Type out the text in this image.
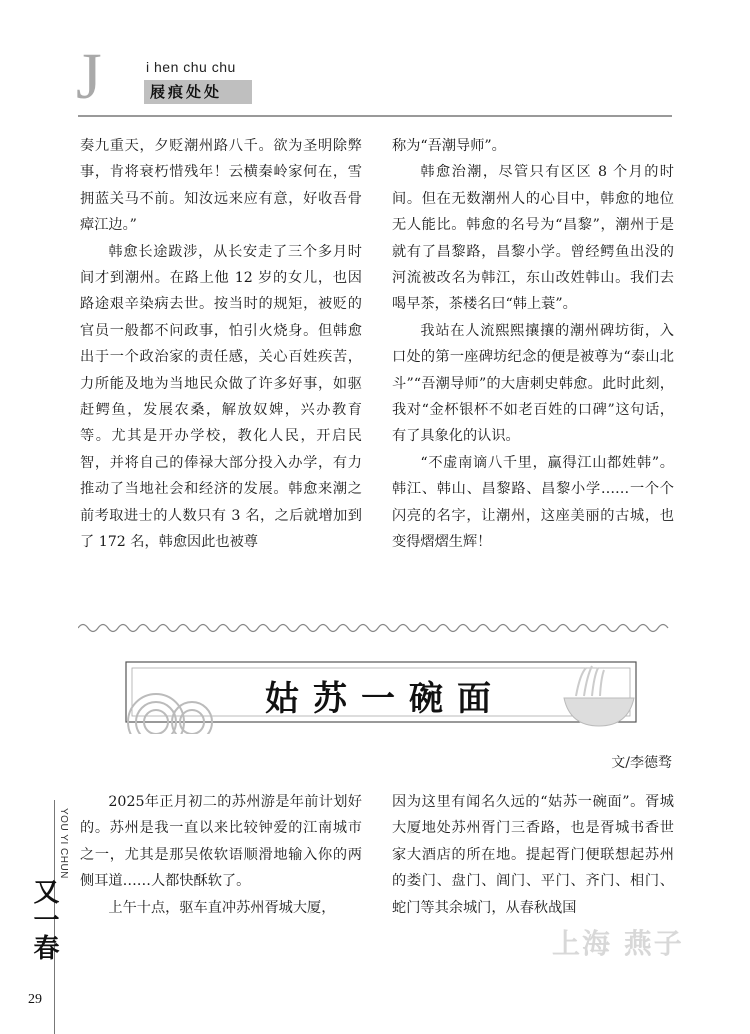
J	i hen chu chu
屐痕处处

奏九重天，夕贬潮州路八千。欲为圣明除弊事，肯将衰朽惜残年！云横秦岭家何在，雪拥蓝关马不前。知汝远来应有意，好收吾骨瘴江边。”

韩愈长途跋涉，从长安走了三个多月时间才到潮州。在路上他 12 岁的女儿，也因路途艰辛染病去世。按当时的规矩，被贬的官员一般都不问政事，怕引火烧身。但韩愈出于一个政治家的责任感，关心百姓疾苦，力所能及地为当地民众做了许多好事，如驱赶鳄鱼，发展农桑，解放奴婢，兴办教育等。尤其是开办学校，教化人民，开启民智，并将自己的俸禄大部分投入办学，有力推动了当地社会和经济的发展。韩愈来潮之前考取进士的人数只有 3 名，之后就增加到了 172 名，韩愈因此也被尊

称为“吾潮导师”。

韩愈治潮，尽管只有区区 8 个月的时间。但在无数潮州人的心目中，韩愈的地位无人能比。韩愈的名号为“昌黎”，潮州于是就有了昌黎路，昌黎小学。曾经鳄鱼出没的河流被改名为韩江，东山改姓韩山。我们去喝早茶，茶楼名曰“韩上蓑”。

我站在人流熙熙攘攘的潮州碑坊街，入口处的第一座碑坊纪念的便是被尊为“泰山北斗”“吾潮导师”的大唐刺史韩愈。此时此刻，我对“金杯银杯不如老百姓的口碑”这句话，有了具象化的认识。

“不虚南谪八千里，赢得江山都姓韩”。韩江、韩山、昌黎路、昌黎小学……一个个闪亮的名字，让潮州，这座美丽的古城，也变得熠熠生辉！

姑苏一碗面
文/李德骛

2025年正月初二的苏州游是年前计划好的。苏州是我一直以来比较钟爱的江南城市之一，尤其是那吴侬软语顺滑地输入你的两侧耳道……人都快酥软了。

上午十点，驱车直冲苏州胥城大厦，

因为这里有闻名久远的“姑苏一碗面”。胥城大厦地处苏州胥门三香路，也是胥城书香世家大酒店的所在地。提起胥门便联想起苏州的娄门、盘门、阊门、平门、齐门、相门、蛇门等其余城门，从春秋战国

YOU YI CHUN
又一春
29
上海 燕子
